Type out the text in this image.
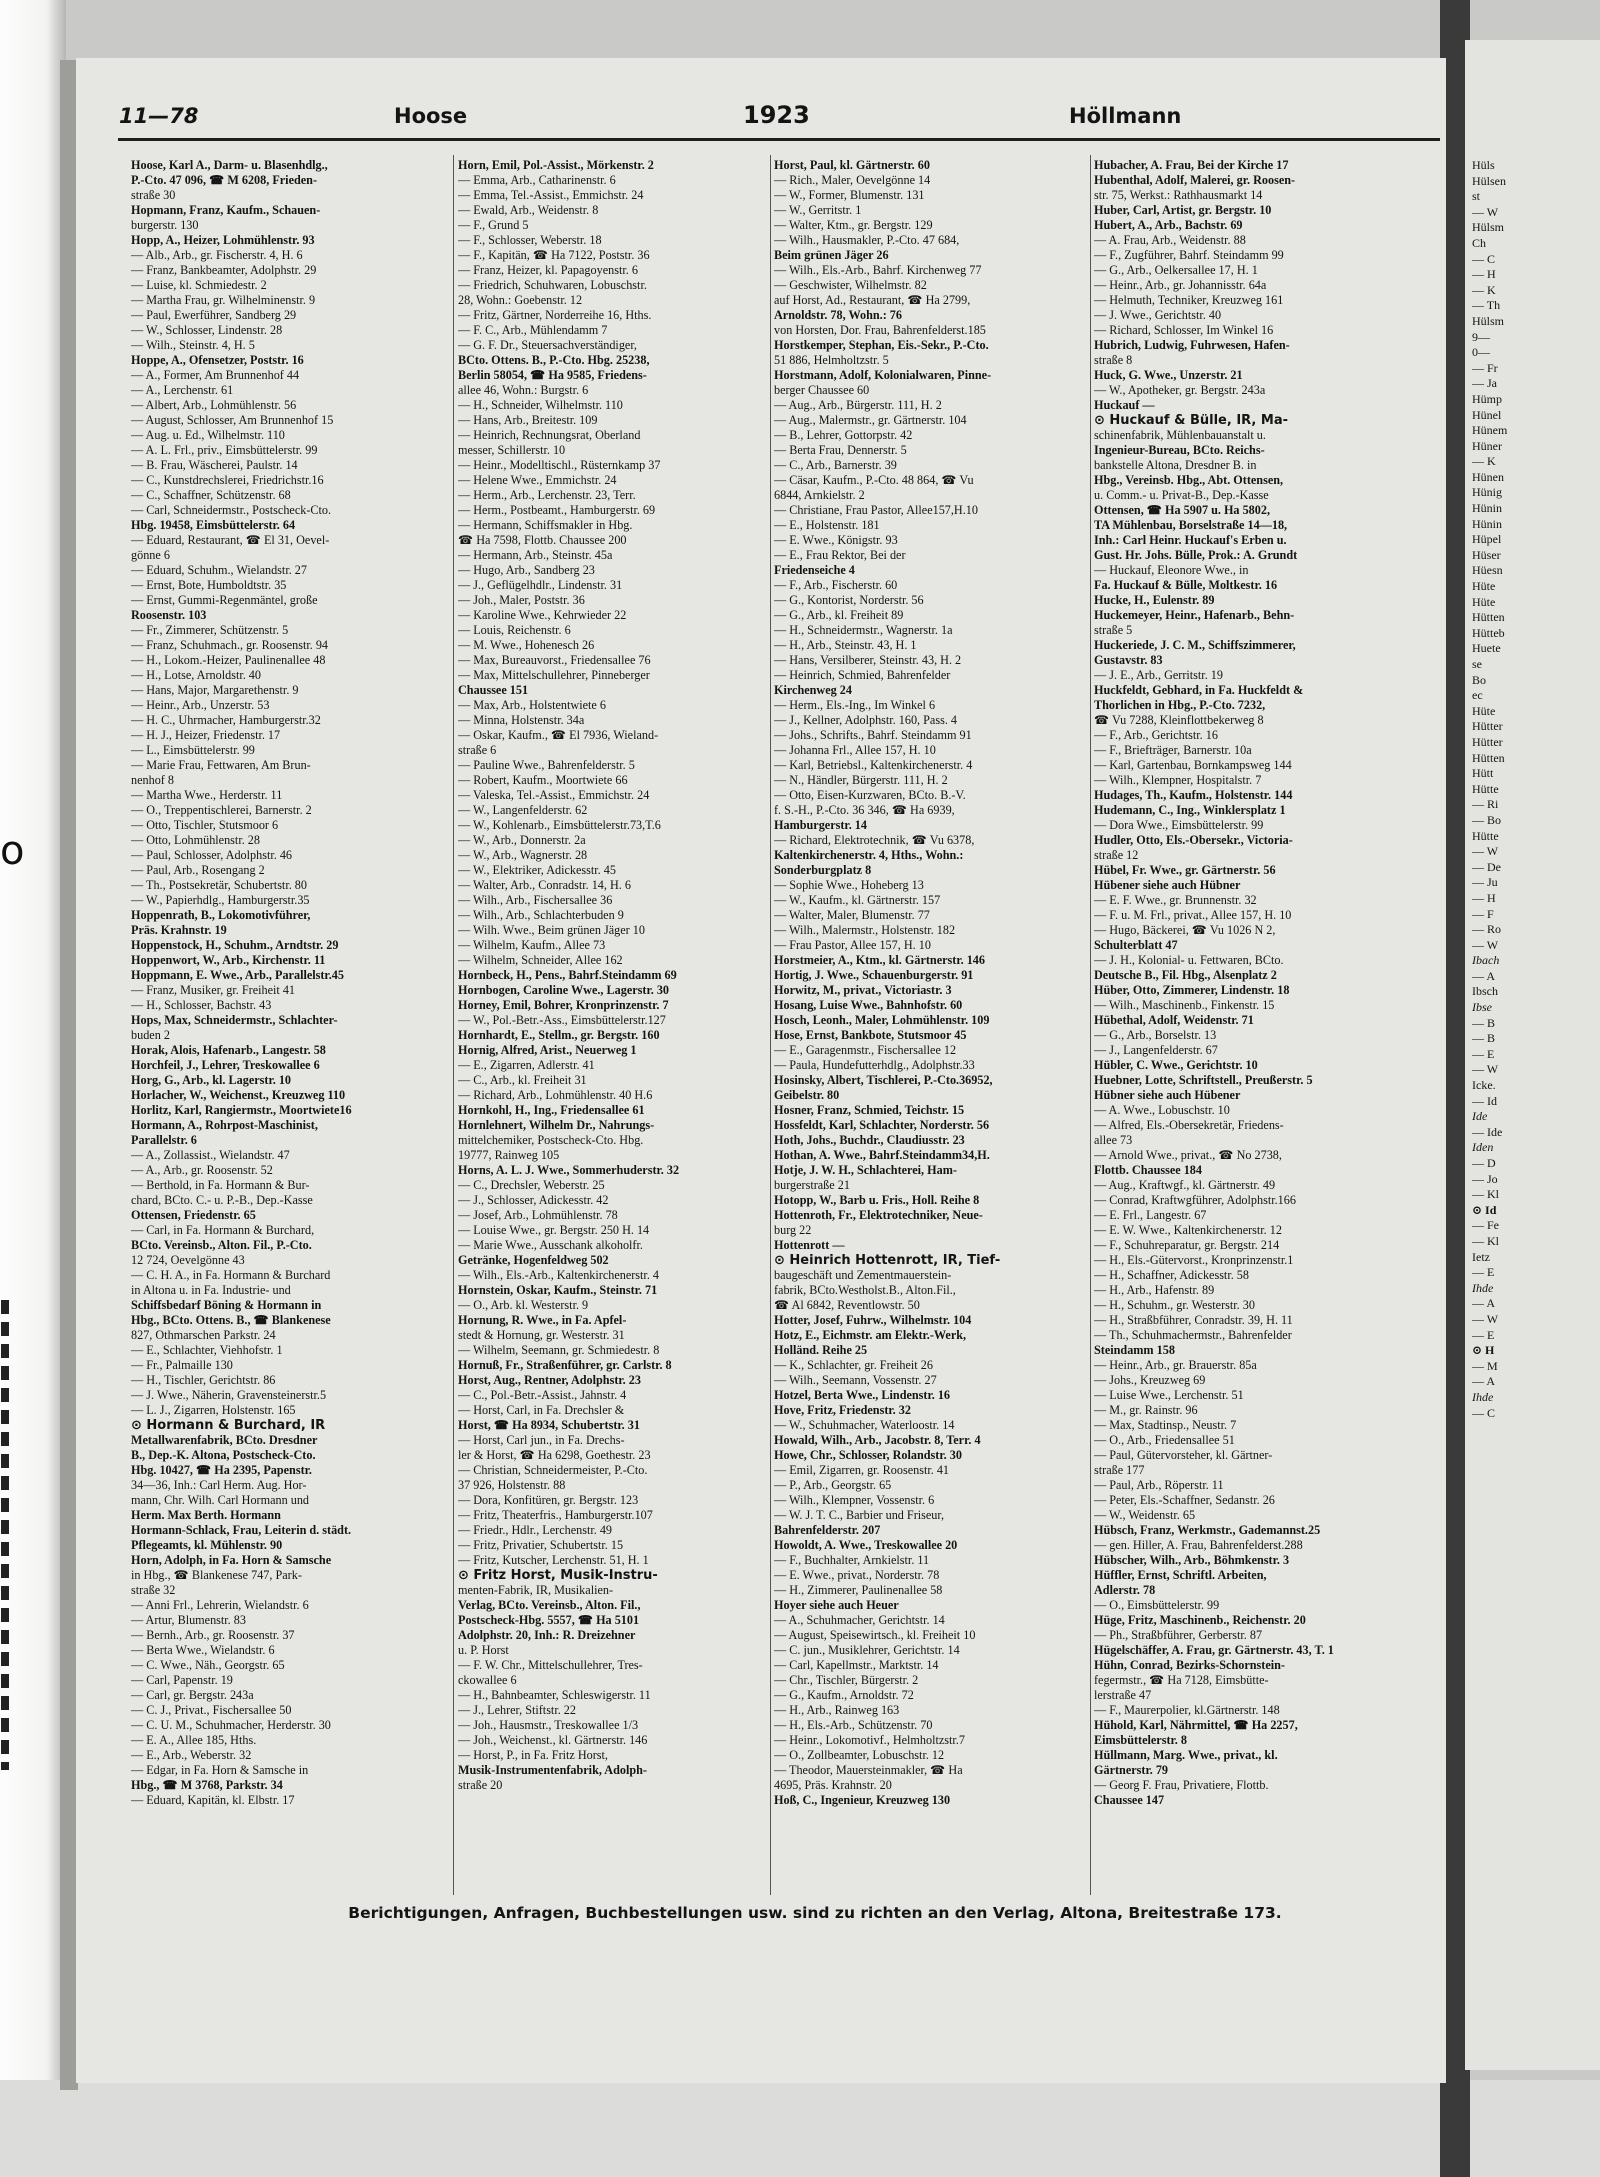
o
11—78	Hoose	1923	Höllmann
Hoose, Karl A., Darm- u. Blasenhdlg.,
P.-Cto. 47 096, ☎ M 6208, Frieden-
straße 30
Hopmann, Franz, Kaufm., Schauen-
burgerstr. 130
Hopp, A., Heizer, Lohmühlenstr. 93
— Alb., Arb., gr. Fischerstr. 4, H. 6
— Franz, Bankbeamter, Adolphstr. 29
— Luise, kl. Schmiedestr. 2
— Martha Frau, gr. Wilhelminenstr. 9
— Paul, Ewerführer, Sandberg 29
— W., Schlosser, Lindenstr. 28
— Wilh., Steinstr. 4, H. 5
Hoppe, A., Ofensetzer, Poststr. 16
— A., Former, Am Brunnenhof 44
— A., Lerchenstr. 61
— Albert, Arb., Lohmühlenstr. 56
— August, Schlosser, Am Brunnenhof 15
— Aug. u. Ed., Wilhelmstr. 110
— A. L. Frl., priv., Eimsbüttelerstr. 99
— B. Frau, Wäscherei, Paulstr. 14
— C., Kunstdrechslerei, Friedrichstr.16
— C., Schaffner, Schützenstr. 68
— Carl, Schneidermstr., Postscheck-Cto.
Hbg. 19458, Eimsbüttelerstr. 64
— Eduard, Restaurant, ☎ El 31, Oevel-
gönne 6
— Eduard, Schuhm., Wielandstr. 27
— Ernst, Bote, Humboldtstr. 35
— Ernst, Gummi-Regenmäntel, große
Roosenstr. 103
— Fr., Zimmerer, Schützenstr. 5
— Franz, Schuhmach., gr. Roosenstr. 94
— H., Lokom.-Heizer, Paulinenallee 48
— H., Lotse, Arnoldstr. 40
— Hans, Major, Margarethenstr. 9
— Heinr., Arb., Unzerstr. 53
— H. C., Uhrmacher, Hamburgerstr.32
— H. J., Heizer, Friedenstr. 17
— L., Eimsbüttelerstr. 99
— Marie Frau, Fettwaren, Am Brun-
nenhof 8
— Martha Wwe., Herderstr. 11
— O., Treppentischlerei, Barnerstr. 2
— Otto, Tischler, Stutsmoor 6
— Otto, Lohmühlenstr. 28
— Paul, Schlosser, Adolphstr. 46
— Paul, Arb., Rosengang 2
— Th., Postsekretär, Schubertstr. 80
— W., Papierhdlg., Hamburgerstr.35
Hoppenrath, B., Lokomotivführer,
Präs. Krahnstr. 19
Hoppenstock, H., Schuhm., Arndtstr. 29
Hoppenwort, W., Arb., Kirchenstr. 11
Hoppmann, E. Wwe., Arb., Parallelstr.45
— Franz, Musiker, gr. Freiheit 41
— H., Schlosser, Bachstr. 43
Hops, Max, Schneidermstr., Schlachter-
buden 2
Horak, Alois, Hafenarb., Langestr. 58
Horchfeil, J., Lehrer, Treskowallee 6
Horg, G., Arb., kl. Lagerstr. 10
Horlacher, W., Weichenst., Kreuzweg 110
Horlitz, Karl, Rangiermstr., Moortwiete16
Hormann, A., Rohrpost-Maschinist,
Parallelstr. 6
— A., Zollassist., Wielandstr. 47
— A., Arb., gr. Roosenstr. 52
— Berthold, in Fa. Hormann & Bur-
chard, BCto. C.- u. P.-B., Dep.-Kasse
Ottensen, Friedenstr. 65
— Carl, in Fa. Hormann & Burchard,
BCto. Vereinsb., Alton. Fil., P.-Cto.
12 724, Oevelgönne 43
— C. H. A., in Fa. Hormann & Burchard
in Altona u. in Fa. Industrie- und
Schiffsbedarf Böning & Hormann in
Hbg., BCto. Ottens. B., ☎ Blankenese
827, Othmarschen Parkstr. 24
— E., Schlachter, Viehhofstr. 1
— Fr., Palmaille 130
— H., Tischler, Gerichtstr. 86
— J. Wwe., Näherin, Gravensteinerstr.5
— L. J., Zigarren, Holstenstr. 165
⊙ Hormann & Burchard, IR
Metallwarenfabrik, BCto. Dresdner
B., Dep.-K. Altona, Postscheck-Cto.
Hbg. 10427, ☎ Ha 2395, Papenstr.
34—36, Inh.: Carl Herm. Aug. Hor-
mann, Chr. Wilh. Carl Hormann und
Herm. Max Berth. Hormann
Hormann-Schlack, Frau, Leiterin d. städt.
Pflegeamts, kl. Mühlenstr. 90
Horn, Adolph, in Fa. Horn & Samsche
in Hbg., ☎ Blankenese 747, Park-
straße 32
— Anni Frl., Lehrerin, Wielandstr. 6
— Artur, Blumenstr. 83
— Bernh., Arb., gr. Roosenstr. 37
— Berta Wwe., Wielandstr. 6
— C. Wwe., Näh., Georgstr. 65
— Carl, Papenstr. 19
— Carl, gr. Bergstr. 243a
— C. J., Privat., Fischersallee 50
— C. U. M., Schuhmacher, Herderstr. 30
— E. A., Allee 185, Hths.
— E., Arb., Weberstr. 32
— Edgar, in Fa. Horn & Samsche in
Hbg., ☎ M 3768, Parkstr. 34
— Eduard, Kapitän, kl. Elbstr. 17
Horn, Emil, Pol.-Assist., Mörkenstr. 2
— Emma, Arb., Catharinenstr. 6
— Emma, Tel.-Assist., Emmichstr. 24
— Ewald, Arb., Weidenstr. 8
— F., Grund 5
— F., Schlosser, Weberstr. 18
— F., Kapitän, ☎ Ha 7122, Poststr. 36
— Franz, Heizer, kl. Papagoyenstr. 6
— Friedrich, Schuhwaren, Lobuschstr.
28, Wohn.: Goebenstr. 12
— Fritz, Gärtner, Norderreihe 16, Hths.
— F. C., Arb., Mühlendamm 7
— G. F. Dr., Steuersachverständiger,
BCto. Ottens. B., P.-Cto. Hbg. 25238,
Berlin 58054, ☎ Ha 9585, Friedens-
allee 46, Wohn.: Burgstr. 6
— H., Schneider, Wilhelmstr. 110
— Hans, Arb., Breitestr. 109
— Heinrich, Rechnungsrat, Oberland
messer, Schillerstr. 10
— Heinr., Modelltischl., Rüsternkamp 37
— Helene Wwe., Emmichstr. 24
— Herm., Arb., Lerchenstr. 23, Terr.
— Herm., Postbeamt., Hamburgerstr. 69
— Hermann, Schiffsmakler in Hbg.
☎ Ha 7598, Flottb. Chaussee 200
— Hermann, Arb., Steinstr. 45a
— Hugo, Arb., Sandberg 23
— J., Geflügelhdlr., Lindenstr. 31
— Joh., Maler, Poststr. 36
— Karoline Wwe., Kehrwieder 22
— Louis, Reichenstr. 6
— M. Wwe., Hohenesch 26
— Max, Bureauvorst., Friedensallee 76
— Max, Mittelschullehrer, Pinneberger
Chaussee 151
— Max, Arb., Holstentwiete 6
— Minna, Holstenstr. 34a
— Oskar, Kaufm., ☎ El 7936, Wieland-
straße 6
— Pauline Wwe., Bahrenfelderstr. 5
— Robert, Kaufm., Moortwiete 66
— Valeska, Tel.-Assist., Emmichstr. 24
— W., Langenfelderstr. 62
— W., Kohlenarb., Eimsbüttelerstr.73,T.6
— W., Arb., Donnerstr. 2a
— W., Arb., Wagnerstr. 28
— W., Elektriker, Adickesstr. 45
— Walter, Arb., Conradstr. 14, H. 6
— Wilh., Arb., Fischersallee 36
— Wilh., Arb., Schlachterbuden 9
— Wilh. Wwe., Beim grünen Jäger 10
— Wilhelm, Kaufm., Allee 73
— Wilhelm, Schneider, Allee 162
Hornbeck, H., Pens., Bahrf.Steindamm 69
Hornbogen, Caroline Wwe., Lagerstr. 30
Horney, Emil, Bohrer, Kronprinzenstr. 7
— W., Pol.-Betr.-Ass., Eimsbüttelerstr.127
Hornhardt, E., Stellm., gr. Bergstr. 160
Hornig, Alfred, Arist., Neuerweg 1
— E., Zigarren, Adlerstr. 41
— C., Arb., kl. Freiheit 31
— Richard, Arb., Lohmühlenstr. 40 H.6
Hornkohl, H., Ing., Friedensallee 61
Hornlehnert, Wilhelm Dr., Nahrungs-
mittelchemiker, Postscheck-Cto. Hbg.
19777, Rainweg 105
Horns, A. L. J. Wwe., Sommerhuderstr. 32
— C., Drechsler, Weberstr. 25
— J., Schlosser, Adickesstr. 42
— Josef, Arb., Lohmühlenstr. 78
— Louise Wwe., gr. Bergstr. 250 H. 14
— Marie Wwe., Ausschank alkoholfr.
Getränke, Hogenfeldweg 502
— Wilh., Els.-Arb., Kaltenkirchenerstr. 4
Hornstein, Oskar, Kaufm., Steinstr. 71
— O., Arb. kl. Westerstr. 9
Hornung, R. Wwe., in Fa. Apfel-
stedt & Hornung, gr. Westerstr. 31
— Wilhelm, Seemann, gr. Schmiedestr. 8
Hornuß, Fr., Straßenführer, gr. Carlstr. 8
Horst, Aug., Rentner, Adolphstr. 23
— C., Pol.-Betr.-Assist., Jahnstr. 4
— Horst, Carl, in Fa. Drechsler &
Horst, ☎ Ha 8934, Schubertstr. 31
— Horst, Carl jun., in Fa. Drechs-
ler & Horst, ☎ Ha 6298, Goethestr. 23
— Christian, Schneidermeister, P.-Cto.
37 926, Holstenstr. 88
— Dora, Konfitüren, gr. Bergstr. 123
— Fritz, Theaterfris., Hamburgerstr.107
— Friedr., Hdlr., Lerchenstr. 49
— Fritz, Privatier, Schubertstr. 15
— Fritz, Kutscher, Lerchenstr. 51, H. 1
⊙ Fritz Horst, Musik-Instru-
menten-Fabrik, IR, Musikalien-
Verlag, BCto. Vereinsb., Alton. Fil.,
Postscheck-Hbg. 5557, ☎ Ha 5101
Adolphstr. 20, Inh.: R. Dreizehner
u. P. Horst
— F. W. Chr., Mittelschullehrer, Tres-
ckowallee 6
— H., Bahnbeamter, Schleswigerstr. 11
— J., Lehrer, Stiftstr. 22
— Joh., Hausmstr., Treskowallee 1/3
— Joh., Weichenst., kl. Gärtnerstr. 146
— Horst, P., in Fa. Fritz Horst,
Musik-Instrumentenfabrik, Adolph-
straße 20
Horst, Paul, kl. Gärtnerstr. 60
— Rich., Maler, Oevelgönne 14
— W., Former, Blumenstr. 131
— W., Gerritstr. 1
— Walter, Ktm., gr. Bergstr. 129
— Wilh., Hausmakler, P.-Cto. 47 684,
Beim grünen Jäger 26
— Wilh., Els.-Arb., Bahrf. Kirchenweg 77
— Geschwister, Wilhelmstr. 82
auf Horst, Ad., Restaurant, ☎ Ha 2799,
Arnoldstr. 78, Wohn.: 76
von Horsten, Dor. Frau, Bahrenfelderst.185
Horstkemper, Stephan, Eis.-Sekr., P.-Cto.
51 886, Helmholtzstr. 5
Horstmann, Adolf, Kolonialwaren, Pinne-
berger Chaussee 60
— Aug., Arb., Bürgerstr. 111, H. 2
— Aug., Malermstr., gr. Gärtnerstr. 104
— B., Lehrer, Gottorpstr. 42
— Berta Frau, Dennerstr. 5
— C., Arb., Barnerstr. 39
— Cäsar, Kaufm., P.-Cto. 48 864, ☎ Vu
6844, Arnkielstr. 2
— Christiane, Frau Pastor, Allee157,H.10
— E., Holstenstr. 181
— E. Wwe., Königstr. 93
— E., Frau Rektor, Bei der
Friedenseiche 4
— F., Arb., Fischerstr. 60
— G., Kontorist, Norderstr. 56
— G., Arb., kl. Freiheit 89
— H., Schneidermstr., Wagnerstr. 1a
— H., Arb., Steinstr. 43, H. 1
— Hans, Versilberer, Steinstr. 43, H. 2
— Heinrich, Schmied, Bahrenfelder
Kirchenweg 24
— Herm., Els.-Ing., Im Winkel 6
— J., Kellner, Adolphstr. 160, Pass. 4
— Johs., Schrifts., Bahrf. Steindamm 91
— Johanna Frl., Allee 157, H. 10
— Karl, Betriebsl., Kaltenkirchenerstr. 4
— N., Händler, Bürgerstr. 111, H. 2
— Otto, Eisen-Kurzwaren, BCto. B.-V.
f. S.-H., P.-Cto. 36 346, ☎ Ha 6939,
Hamburgerstr. 14
— Richard, Elektrotechnik, ☎ Vu 6378,
Kaltenkirchenerstr. 4, Hths., Wohn.:
Sonderburgplatz 8
— Sophie Wwe., Hoheberg 13
— W., Kaufm., kl. Gärtnerstr. 157
— Walter, Maler, Blumenstr. 77
— Wilh., Malermstr., Holstenstr. 182
— Frau Pastor, Allee 157, H. 10
Horstmeier, A., Ktm., kl. Gärtnerstr. 146
Hortig, J. Wwe., Schauenburgerstr. 91
Horwitz, M., privat., Victoriastr. 3
Hosang, Luise Wwe., Bahnhofstr. 60
Hosch, Leonh., Maler, Lohmühlenstr. 109
Hose, Ernst, Bankbote, Stutsmoor 45
— E., Garagenmstr., Fischersallee 12
— Paula, Hundefutterhdlg., Adolphstr.33
Hosinsky, Albert, Tischlerei, P.-Cto.36952,
Geibelstr. 80
Hosner, Franz, Schmied, Teichstr. 15
Hossfeldt, Karl, Schlachter, Norderstr. 56
Hoth, Johs., Buchdr., Claudiusstr. 23
Hothan, A. Wwe., Bahrf.Steindamm34,H.
Hotje, J. W. H., Schlachterei, Ham-
burgerstraße 21
Hotopp, W., Barb u. Fris., Holl. Reihe 8
Hottenroth, Fr., Elektrotechniker, Neue-
burg 22
Hottenrott —
⊙ Heinrich Hottenrott, IR, Tief-
baugeschäft und Zementmauerstein-
fabrik, BCto.Westholst.B., Alton.Fil.,
☎ Al 6842, Reventlowstr. 50
Hotter, Josef, Fuhrw., Wilhelmstr. 104
Hotz, E., Eichmstr. am Elektr.-Werk,
Holländ. Reihe 25
— K., Schlachter, gr. Freiheit 26
— Wilh., Seemann, Vossenstr. 27
Hotzel, Berta Wwe., Lindenstr. 16
Hove, Fritz, Friedenstr. 32
— W., Schuhmacher, Waterloostr. 14
Howald, Wilh., Arb., Jacobstr. 8, Terr. 4
Howe, Chr., Schlosser, Rolandstr. 30
— Emil, Zigarren, gr. Roosenstr. 41
— P., Arb., Georgstr. 65
— Wilh., Klempner, Vossenstr. 6
— W. J. T. C., Barbier und Friseur,
Bahrenfelderstr. 207
Howoldt, A. Wwe., Treskowallee 20
— F., Buchhalter, Arnkielstr. 11
— E. Wwe., privat., Norderstr. 78
— H., Zimmerer, Paulinenallee 58
Hoyer siehe auch Heuer
— A., Schuhmacher, Gerichtstr. 14
— August, Speisewirtsch., kl. Freiheit 10
— C. jun., Musiklehrer, Gerichtstr. 14
— Carl, Kapellmstr., Marktstr. 14
— Chr., Tischler, Bürgerstr. 2
— G., Kaufm., Arnoldstr. 72
— H., Arb., Rainweg 163
— H., Els.-Arb., Schützenstr. 70
— Heinr., Lokomotivf., Helmholtzstr.7
— O., Zollbeamter, Lobuschstr. 12
— Theodor, Mauersteinmakler, ☎ Ha
4695, Präs. Krahnstr. 20
Hoß, C., Ingenieur, Kreuzweg 130
Hubacher, A. Frau, Bei der Kirche 17
Hubenthal, Adolf, Malerei, gr. Roosen-
str. 75, Werkst.: Rathhausmarkt 14
Huber, Carl, Artist, gr. Bergstr. 10
Hubert, A., Arb., Bachstr. 69
— A. Frau, Arb., Weidenstr. 88
— F., Zugführer, Bahrf. Steindamm 99
— G., Arb., Oelkersallee 17, H. 1
— Heinr., Arb., gr. Johannisstr. 64a
— Helmuth, Techniker, Kreuzweg 161
— J. Wwe., Gerichtstr. 40
— Richard, Schlosser, Im Winkel 16
Hubrich, Ludwig, Fuhrwesen, Hafen-
straße 8
Huck, G. Wwe., Unzerstr. 21
— W., Apotheker, gr. Bergstr. 243a
Huckauf —
⊙ Huckauf & Bülle, IR, Ma-
schinenfabrik, Mühlenbauanstalt u.
Ingenieur-Bureau, BCto. Reichs-
bankstelle Altona, Dresdner B. in
Hbg., Vereinsb. Hbg., Abt. Ottensen,
u. Comm.- u. Privat-B., Dep.-Kasse
Ottensen, ☎ Ha 5907 u. Ha 5802,
TA Mühlenbau, Borselstraße 14—18,
Inh.: Carl Heinr. Huckauf's Erben u.
Gust. Hr. Johs. Bülle, Prok.: A. Grundt
— Huckauf, Eleonore Wwe., in
Fa. Huckauf & Bülle, Moltkestr. 16
Hucke, H., Eulenstr. 89
Huckemeyer, Heinr., Hafenarb., Behn-
straße 5
Huckeriede, J. C. M., Schiffszimmerer,
Gustavstr. 83
— J. E., Arb., Gerritstr. 19
Huckfeldt, Gebhard, in Fa. Huckfeldt &
Thorlichen in Hbg., P.-Cto. 7232,
☎ Vu 7288, Kleinflottbekerweg 8
— F., Arb., Gerichtstr. 16
— F., Briefträger, Barnerstr. 10a
— Karl, Gartenbau, Bornkampsweg 144
— Wilh., Klempner, Hospitalstr. 7
Hudages, Th., Kaufm., Holstenstr. 144
Hudemann, C., Ing., Winklersplatz 1
— Dora Wwe., Eimsbüttelerstr. 99
Hudler, Otto, Els.-Obersekr., Victoria-
straße 12
Hübel, Fr. Wwe., gr. Gärtnerstr. 56
Hübener siehe auch Hübner
— E. F. Wwe., gr. Brunnenstr. 32
— F. u. M. Frl., privat., Allee 157, H. 10
— Hugo, Bäckerei, ☎ Vu 1026 N 2,
Schulterblatt 47
— J. H., Kolonial- u. Fettwaren, BCto.
Deutsche B., Fil. Hbg., Alsenplatz 2
Hüber, Otto, Zimmerer, Lindenstr. 18
— Wilh., Maschinenb., Finkenstr. 15
Hübethal, Adolf, Weidenstr. 71
— G., Arb., Borselstr. 13
— J., Langenfelderstr. 67
Hübler, C. Wwe., Gerichtstr. 10
Huebner, Lotte, Schriftstell., Preußerstr. 5
Hübner siehe auch Hübener
— A. Wwe., Lobuschstr. 10
— Alfred, Els.-Obersekretär, Friedens-
allee 73
— Arnold Wwe., privat., ☎ No 2738,
Flottb. Chaussee 184
— Aug., Kraftwgf., kl. Gärtnerstr. 49
— Conrad, Kraftwgführer, Adolphstr.166
— E. Frl., Langestr. 67
— E. W. Wwe., Kaltenkirchenerstr. 12
— F., Schuhreparatur, gr. Bergstr. 214
— H., Els.-Gütervorst., Kronprinzenstr.1
— H., Schaffner, Adickesstr. 58
— H., Arb., Hafenstr. 89
— H., Schuhm., gr. Westerstr. 30
— H., Straßbführer, Conradstr. 39, H. 11
— Th., Schuhmachermstr., Bahrenfelder
Steindamm 158
— Heinr., Arb., gr. Brauerstr. 85a
— Johs., Kreuzweg 69
— Luise Wwe., Lerchenstr. 51
— M., gr. Rainstr. 96
— Max, Stadtinsp., Neustr. 7
— O., Arb., Friedensallee 51
— Paul, Gütervorsteher, kl. Gärtner-
straße 177
— Paul, Arb., Röperstr. 11
— Peter, Els.-Schaffner, Sedanstr. 26
— W., Weidenstr. 65
Hübsch, Franz, Werkmstr., Gademannst.25
— gen. Hiller, A. Frau, Bahrenfelderst.288
Hübscher, Wilh., Arb., Böhmkenstr. 3
Hüffler, Ernst, Schriftl. Arbeiten,
Adlerstr. 78
— O., Eimsbüttelerstr. 99
Hüge, Fritz, Maschinenb., Reichenstr. 20
— Ph., Straßbführer, Gerberstr. 87
Hügelschäffer, A. Frau, gr. Gärtnerstr. 43, T. 1
Hühn, Conrad, Bezirks-Schornstein-
fegermstr., ☎ Ha 7128, Eimsbütte-
lerstraße 47
— F., Maurerpolier, kl.Gärtnerstr. 148
Hühold, Karl, Nährmittel, ☎ Ha 2257,
Eimsbüttelerstr. 8
Hüllmann, Marg. Wwe., privat., kl.
Gärtnerstr. 79
— Georg F. Frau, Privatiere, Flottb.
Chaussee 147
Hüls
Hülsen
st
— W
Hülsm
Ch
— C
— H
— K
— Th
Hülsm
9—
0—
— Fr
— Ja
Hümp
Hünel
Hünem
Hüner
— K
Hünen
Hünig
Hünin
Hünin
Hüpel
Hüser
Hüesn
Hüte
Hüte
Hütten
Hütteb
Huete
se
Bo
ec
Hüte
Hütter
Hütter
Hütten
Hütt
Hütte
— Ri
— Bo
Hütte
— W
— De
— Ju
— H
— F
— Ro
— W
Ibach
— A
Ibsch
Ibse
— B
— B
— E
— W
Icke.
— Id
Ide
— Ide
Iden
— D
— Jo
— Kl
⊙ Id
— Fe
— Kl
Ietz
— E
Ihde
— A
— W
— E
⊙ H
— M
— A
Ihde
— C
Berichtigungen, Anfragen, Buchbestellungen usw. sind zu richten an den Verlag, Altona, Breitestraße 173.
